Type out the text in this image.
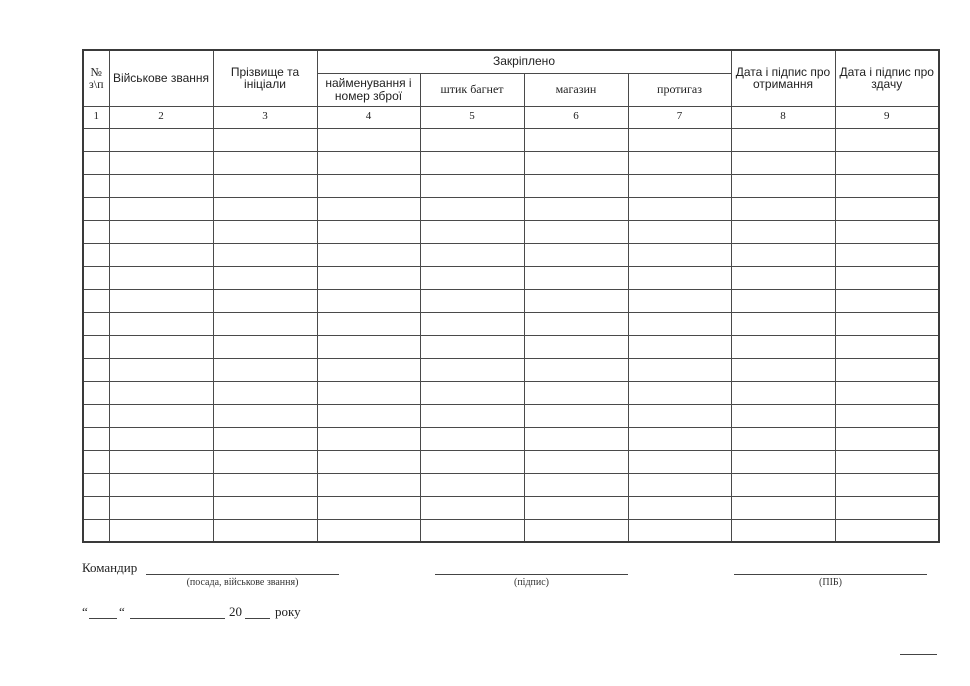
№ з\п	Військове звання	Прізвище та ініціали	Закріплено				Дата і підпис про отримання	Дата і підпис про здачу
			найменування і номер зброї	штик багнет	магазин	протигаз		
1	2	3	4	5	6	7	8	9

Командир
(посада, військове звання)	(підпис)	(ПІБ)
“ “	20	року
